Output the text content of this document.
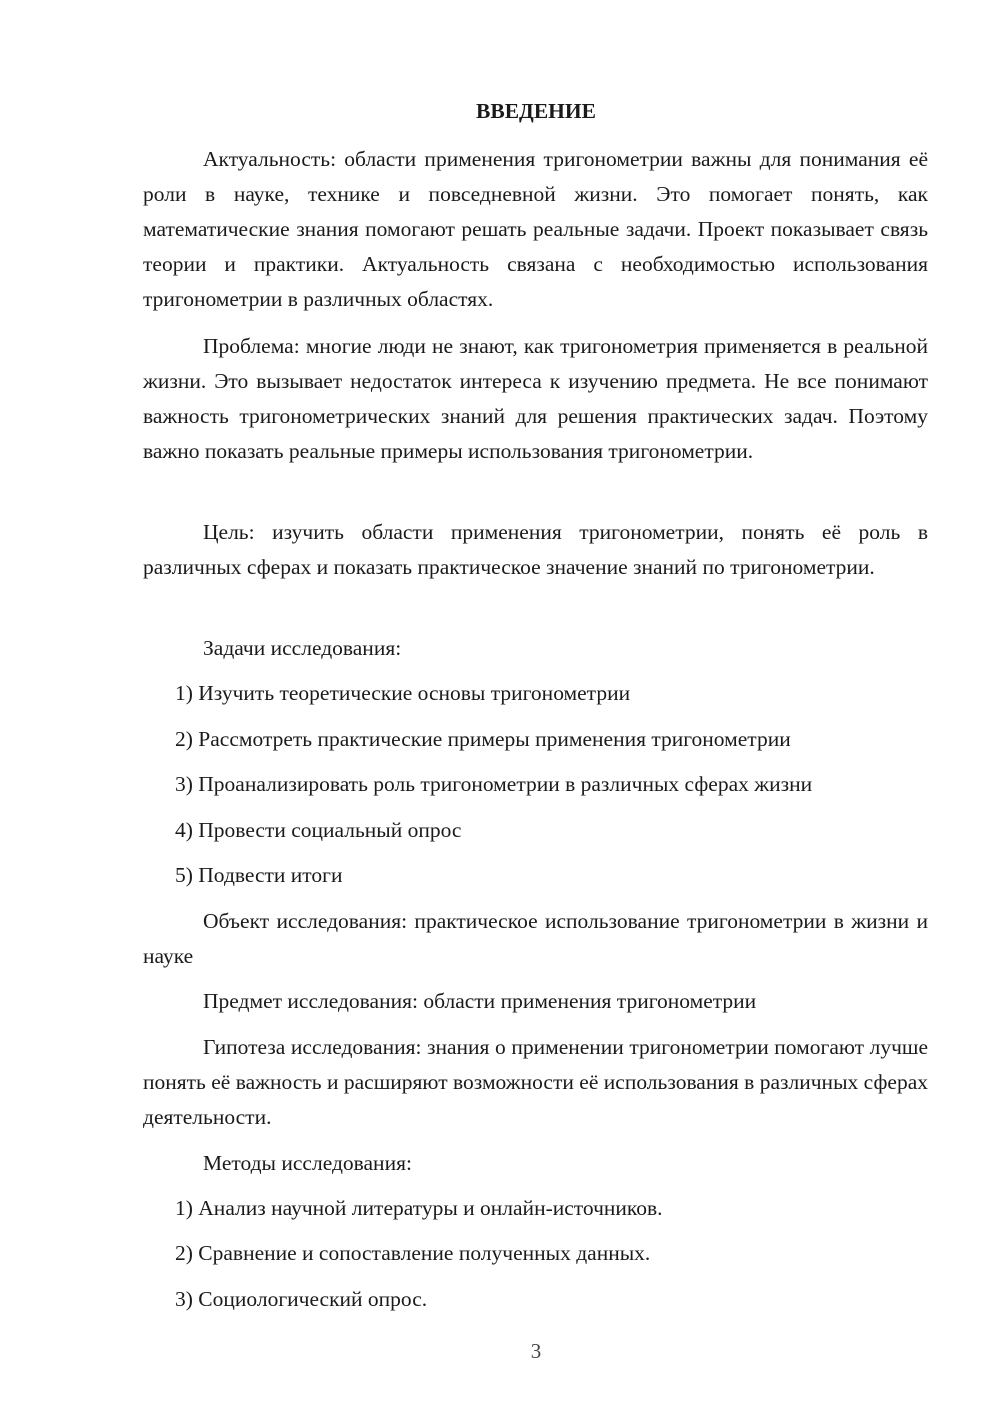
ВВЕДЕНИЕ

Актуальность: области применения тригонометрии важны для понимания её роли в науке, технике и повседневной жизни. Это помогает понять, как математические знания помогают решать реальные задачи. Проект показывает связь теории и практики. Актуальность связана с необходимостью использования тригонометрии в различных областях.

Проблема: многие люди не знают, как тригонометрия применяется в реальной жизни. Это вызывает недостаток интереса к изучению предмета. Не все понимают важность тригонометрических знаний для решения практических задач. Поэтому важно показать реальные примеры использования тригонометрии.

Цель: изучить области применения тригонометрии, понять её роль в различных сферах и показать практическое значение знаний по тригонометрии.

Задачи исследования:

1) Изучить теоретические основы тригонометрии

2) Рассмотреть практические примеры применения тригонометрии

3) Проанализировать роль тригонометрии в различных сферах жизни

4) Провести социальный опрос

5) Подвести итоги

Объект исследования: практическое использование тригонометрии в жизни и науке

Предмет исследования: области применения тригонометрии

Гипотеза исследования: знания о применении тригонометрии помогают лучше понять её важность и расширяют возможности её использования в различных сферах деятельности.

Методы исследования:

1) Анализ научной литературы и онлайн-источников.

2) Сравнение и сопоставление полученных данных.

3) Социологический опрос.

3
